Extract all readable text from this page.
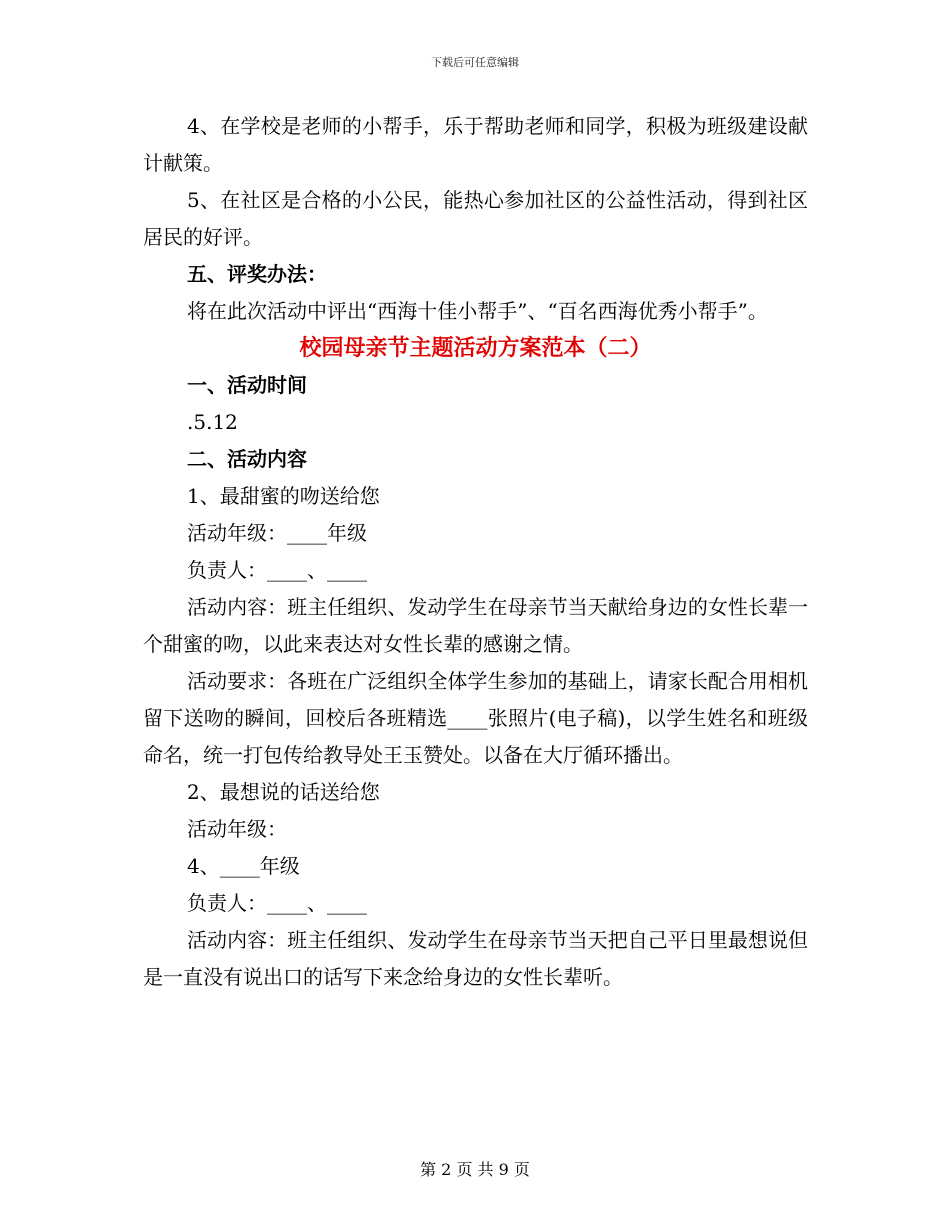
下载后可任意编辑

4、在学校是老师的小帮手，乐于帮助老师和同学，积极为班级建设献计献策。

5、在社区是合格的小公民，能热心参加社区的公益性活动，得到社区居民的好评。

五、评奖办法：

将在此次活动中评出“西海十佳小帮手”、“百名西海优秀小帮手”。

校园母亲节主题活动方案范本（二）

一、活动时间

.5.12

二、活动内容

1、最甜蜜的吻送给您

活动年级：____年级

负责人：____、____

活动内容：班主任组织、发动学生在母亲节当天献给身边的女性长辈一个甜蜜的吻，以此来表达对女性长辈的感谢之情。

活动要求：各班在广泛组织全体学生参加的基础上，请家长配合用相机留下送吻的瞬间，回校后各班精选____张照片(电子稿)，以学生姓名和班级命名，统一打包传给教导处王玉赞处。以备在大厅循环播出。

2、最想说的话送给您

活动年级：

4、____年级

负责人：____、____

活动内容：班主任组织、发动学生在母亲节当天把自己平日里最想说但是一直没有说出口的话写下来念给身边的女性长辈听。

第 2 页 共 9 页
